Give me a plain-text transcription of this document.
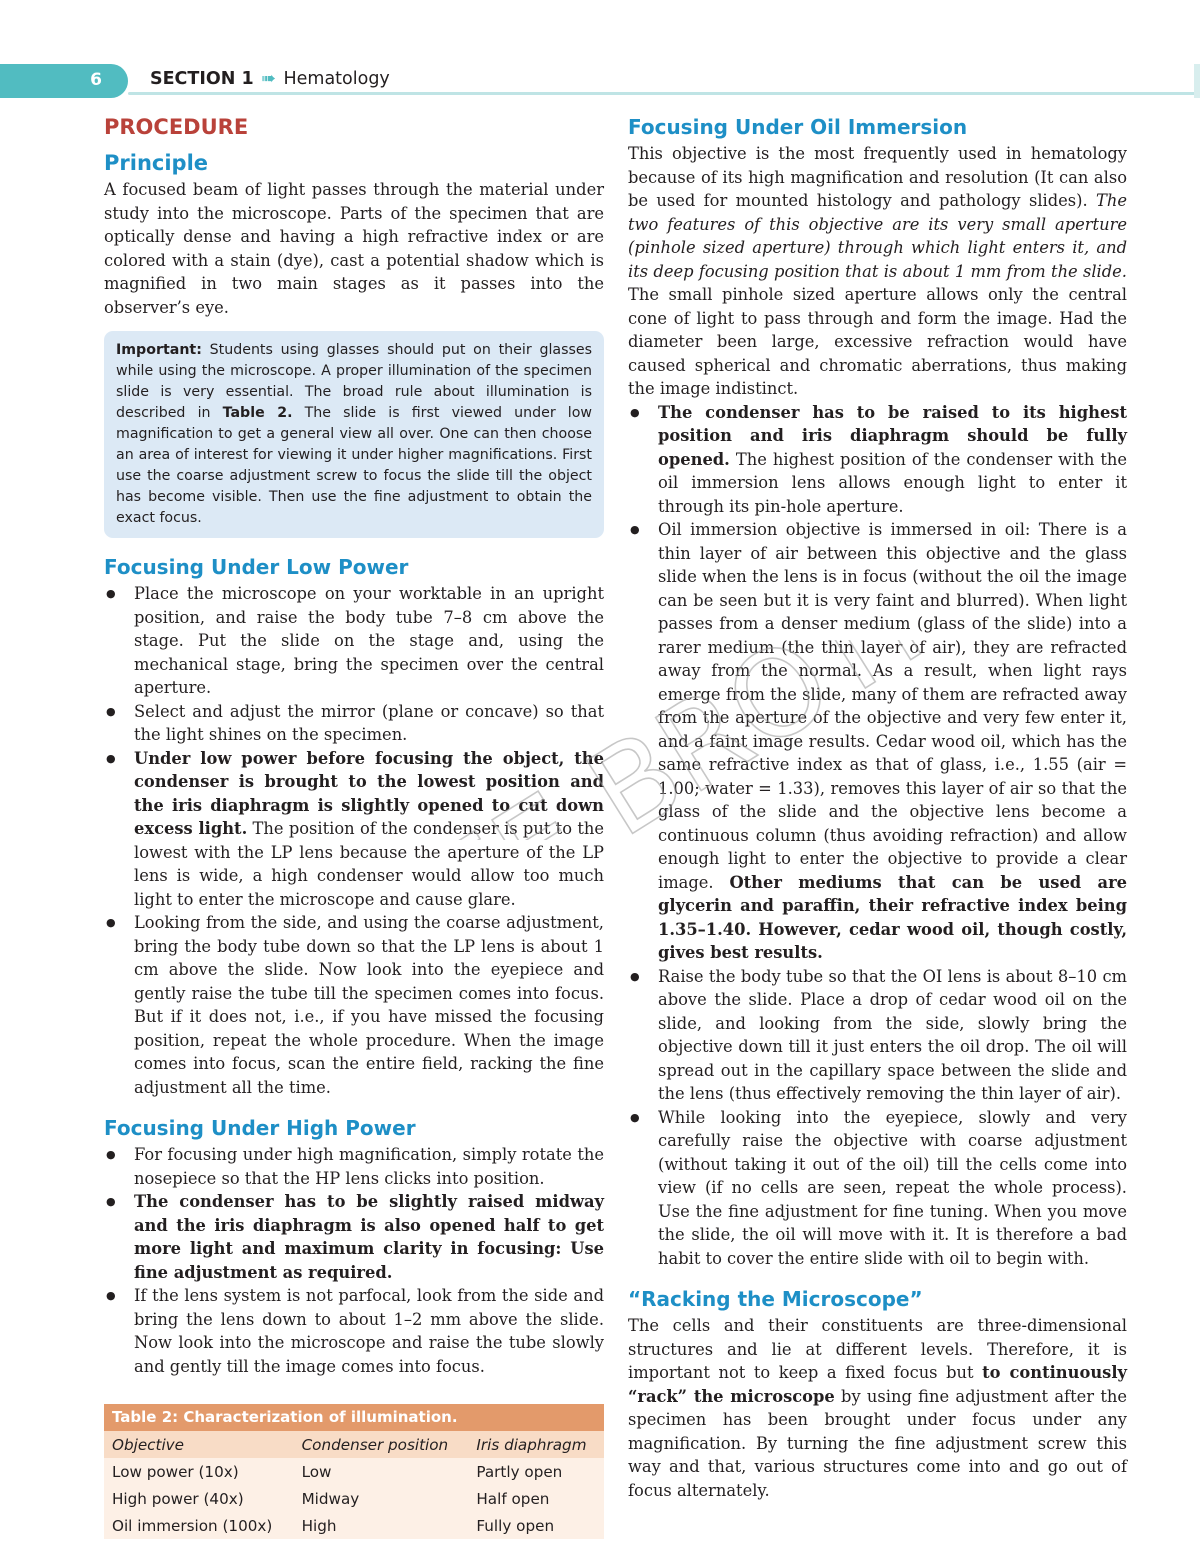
6	SECTION 1 ➠ Hematology
PROCEDURE
Principle

A focused beam of light passes through the material under study into the microscope. Parts of the specimen that are optically dense and having a high refractive index or are colored with a stain (dye), cast a potential shadow which is magnified in two main stages as it passes into the observer’s eye.

Important: Students using glasses should put on their glasses while using the microscope. A proper illumination of the specimen slide is very essential. The broad rule about illumination is described in Table 2. The slide is first viewed under low magnification to get a general view all over. One can then choose an area of interest for viewing it under higher magnifications. First use the coarse adjustment screw to focus the slide till the object has become visible. Then use the fine adjustment to obtain the exact focus.

Focusing Under Low Power
● Place the microscope on your worktable in an upright position, and raise the body tube 7–8 cm above the stage. Put the slide on the stage and, using the mechanical stage, bring the specimen over the central aperture.
● Select and adjust the mirror (plane or concave) so that the light shines on the specimen.
● Under low power before focusing the object, the condenser is brought to the lowest position and the iris diaphragm is slightly opened to cut down excess light. The position of the condenser is put to the lowest with the LP lens because the aperture of the LP lens is wide, a high condenser would allow too much light to enter the microscope and cause glare.
● Looking from the side, and using the coarse adjustment, bring the body tube down so that the LP lens is about 1 cm above the slide. Now look into the eyepiece and gently raise the tube till the specimen comes into focus. But if it does not, i.e., if you have missed the focusing position, repeat the whole procedure. When the image comes into focus, scan the entire field, racking the fine adjustment all the time.
Focusing Under High Power
● For focusing under high magnification, simply rotate the nosepiece so that the HP lens clicks into position.
● The condenser has to be slightly raised midway and the iris diaphragm is also opened half to get more light and maximum clarity in focusing: Use fine adjustment as required.
● If the lens system is not parfocal, look from the side and bring the lens down to about 1–2 mm above the slide. Now look into the microscope and raise the tube slowly and gently till the image comes into focus.
Table 2: Characterization of illumination.
Objective	Condenser position	Iris diaphragm
Low power (10x)	Low	Partly open
High power (40x)	Midway	Half open
Oil immersion (100x)	High	Fully open
Focusing Under Oil Immersion

This objective is the most frequently used in hematology because of its high magnification and resolution (It can also be used for mounted histology and pathology slides). The two features of this objective are its very small aperture (pinhole sized aperture) through which light enters it, and its deep focusing position that is about 1 mm from the slide. The small pinhole sized aperture allows only the central cone of light to pass through and form the image. Had the diameter been large, excessive refraction would have caused spherical and chromatic aberrations, thus making the image indistinct.

● The condenser has to be raised to its highest position and iris diaphragm should be fully opened. The highest position of the condenser with the oil immersion lens allows enough light to enter it through its pin-hole aperture.
● Oil immersion objective is immersed in oil: There is a thin layer of air between this objective and the glass slide when the lens is in focus (without the oil the image can be seen but it is very faint and blurred). When light passes from a denser medium (glass of the slide) into a rarer medium (the thin layer of air), they are refracted away from the normal. As a result, when light rays emerge from the slide, many of them are refracted away from the aperture of the objective and very few enter it, and a faint image results. Cedar wood oil, which has the same refractive index as that of glass, i.e., 1.55 (air = 1.00; water = 1.33), removes this layer of air so that the glass of the slide and the objective lens become a continuous column (thus avoiding refraction) and allow enough light to enter the objective to provide a clear image. Other mediums that can be used are glycerin and paraffin, their refractive index being 1.35–1.40. However, cedar wood oil, though costly, gives best results.
● Raise the body tube so that the OI lens is about 8–10 cm above the slide. Place a drop of cedar wood oil on the slide, and looking from the side, slowly bring the objective down till it just enters the oil drop. The oil will spread out in the capillary space between the slide and the lens (thus effectively removing the thin layer of air).
● While looking into the eyepiece, slowly and very carefully raise the objective with coarse adjustment (without taking it out of the oil) till the cells come into view (if no cells are seen, repeat the whole process). Use the fine adjustment for fine tuning. When you move the slide, the oil will move with it. It is therefore a bad habit to cover the entire slide with oil to begin with.
“Racking the Microscope”

The cells and their constituents are three-dimensional structures and lie at different levels. Therefore, it is important not to keep a fixed focus but to continuously “rack” the microscope by using fine adjustment after the specimen has been brought under focus under any magnification. By turning the fine adjustment screw this way and that, various structures come into and go out of focus alternately.
